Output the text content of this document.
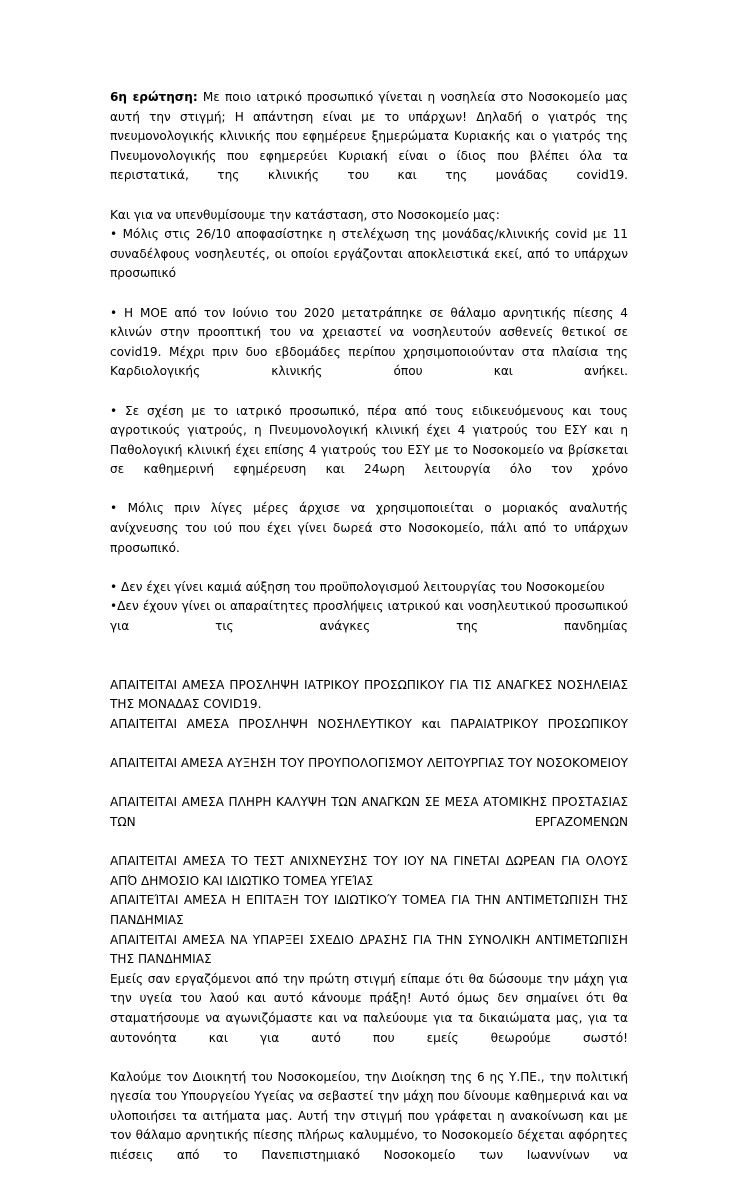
6η ερώτηση: Με ποιο ιατρικό προσωπικό γίνεται η νοσηλεία στο Νοσοκομείο μας αυτή την στιγμή; Η απάντηση είναι με το υπάρχων! Δηλαδή ο γιατρός της πνευμονολογικής κλινικής που εφημέρευε ξημερώματα Κυριακής και ο γιατρός της Πνευμονολογικής που εφημερεύει Κυριακή είναι ο ίδιος που βλέπει όλα τα περιστατικά, της κλινικής του και της μονάδας covid19.

Και για να υπενθυμίσουμε την κατάσταση, στο Νοσοκομείο μας:

• Μόλις στις 26/10 αποφασίστηκε η στελέχωση της μονάδας/κλινικής covid με 11 συναδέλφους νοσηλευτές, οι οποίοι εργάζονται αποκλειστικά εκεί, από το υπάρχων προσωπικό

• Η ΜΟΕ από τον Ιούνιο του 2020 μετατράπηκε σε θάλαμο αρνητικής πίεσης 4 κλινών στην προοπτική του να χρειαστεί να νοσηλευτούν ασθενείς θετικοί σε covid19. Μέχρι πριν δυο εβδομάδες περίπου χρησιμοποιούνταν στα πλαίσια της Καρδιολογικής κλινικής όπου και ανήκει.

• Σε σχέση με το ιατρικό προσωπικό, πέρα από τους ειδικευόμενους και τους αγροτικούς γιατρούς, η Πνευμονολογική κλινική έχει 4 γιατρούς του ΕΣΥ και η Παθολογική κλινική έχει επίσης 4 γιατρούς του ΕΣΥ με το Νοσοκομείο να βρίσκεται σε καθημερινή εφημέρευση και 24ωρη λειτουργία όλο τον χρόνο

• Μόλις πριν λίγες μέρες άρχισε να χρησιμοποιείται ο μοριακός αναλυτής ανίχνευσης του ιού που έχει γίνει δωρεά στο Νοσοκομείο, πάλι από το υπάρχων προσωπικό.

• Δεν έχει γίνει καμιά αύξηση του προϋπολογισμού λειτουργίας του Νοσοκομείου

•Δεν έχουν γίνει οι απαραίτητες προσλήψεις ιατρικού και νοσηλευτικού προσωπικού για τις ανάγκες της πανδημίας

ΑΠΑΙΤΕΙΤΑΙ ΑΜΕΣΑ ΠΡΟΣΛΗΨΗ ΙΑΤΡΙΚΟΥ ΠΡΟΣΩΠΙΚΟΥ ΓΙΑ ΤΙΣ ΑΝΑΓΚΕΣ ΝΟΣΗΛΕΙΑΣ ΤΗΣ ΜΟΝΑΔΑΣ COVID19.

ΑΠΑΙΤΕΙΤΑΙ ΑΜΕΣΑ ΠΡΟΣΛΗΨΗ ΝΟΣΗΛΕΥΤΙΚΟΥ και ΠΑΡΑΙΑΤΡΙΚΟΥ ΠΡΟΣΩΠΙΚΟΥ

ΑΠΑΙΤΕΙΤΑΙ ΑΜΕΣΑ ΑΥΞΗΣΗ ΤΟΥ ΠΡΟΥΠΟΛΟΓΙΣΜΟΥ ΛΕΙΤΟΥΡΓΙΑΣ ΤΟΥ ΝΟΣΟΚΟΜΕΙΟΥ

ΑΠΑΙΤΕΙΤΑΙ ΑΜΕΣΑ ΠΛΗΡΗ ΚΑΛΥΨΗ ΤΩΝ ΑΝΑΓΚΩΝ ΣΕ ΜΕΣΑ ΑΤΟΜΙΚΗΣ ΠΡΟΣΤΑΣΙΑΣ ΤΩΝ ΕΡΓΑΖΟΜΕΝΩΝ

ΑΠΑΙΤΕΙΤΑΙ ΑΜΕΣΑ ΤΟ ΤΕΣΤ ΑΝΙΧΝΕΥΣΗΣ ΤΟΥ ΙΟΥ ΝΑ ΓΙΝΕΤΑΙ ΔΩΡΕΑΝ ΓΙΑ ΟΛΟΥΣ ΑΠΌ ΔΗΜΟΣΙΟ ΚΑΙ ΙΔΙΩΤΙΚΟ ΤΟΜΕΑ ΥΓΕΊΑΣ

ΑΠΑΙΤΕΊΤΑΙ ΑΜΕΣΑ Η ΕΠΙΤΑΞΗ ΤΟΥ ΙΔΙΩΤΙΚΟΎ ΤΟΜΕΑ ΓΙΑ ΤΗΝ ΑΝΤΙΜΕΤΩΠΙΣΗ ΤΗΣ ΠΑΝΔΗΜΙΑΣ

ΑΠΑΙΤΕΙΤΑΙ ΑΜΕΣΑ ΝΑ ΥΠΑΡΞΕΙ ΣΧΕΔΙΟ ΔΡΑΣΗΣ ΓΙΑ ΤΗΝ ΣΥΝΟΛΙΚΗ ΑΝΤΙΜΕΤΩΠΙΣΗ ΤΗΣ ΠΑΝΔΗΜΙΑΣ

Εμείς σαν εργαζόμενοι από την πρώτη στιγμή είπαμε ότι θα δώσουμε την μάχη για την υγεία του λαού και αυτό κάνουμε πράξη! Αυτό όμως δεν σημαίνει ότι θα σταματήσουμε να αγωνιζόμαστε και να παλεύουμε για τα δικαιώματα μας, για τα αυτονόητα και για αυτό που εμείς θεωρούμε σωστό!

Καλούμε τον Διοικητή του Νοσοκομείου, την Διοίκηση της 6 ης Υ.ΠΕ., την πολιτική ηγεσία του Υπουργείου Υγείας να σεβαστεί την μάχη που δίνουμε καθημερινά και να υλοποιήσει τα αιτήματα μας. Αυτή την στιγμή που γράφεται η ανακοίνωση και με τον θάλαμο αρνητικής πίεσης πλήρως καλυμμένο, το Νοσοκομείο δέχεται αφόρητες πιέσεις από το Πανεπιστημιακό Νοσοκομείο των Ιωαννίνων να
